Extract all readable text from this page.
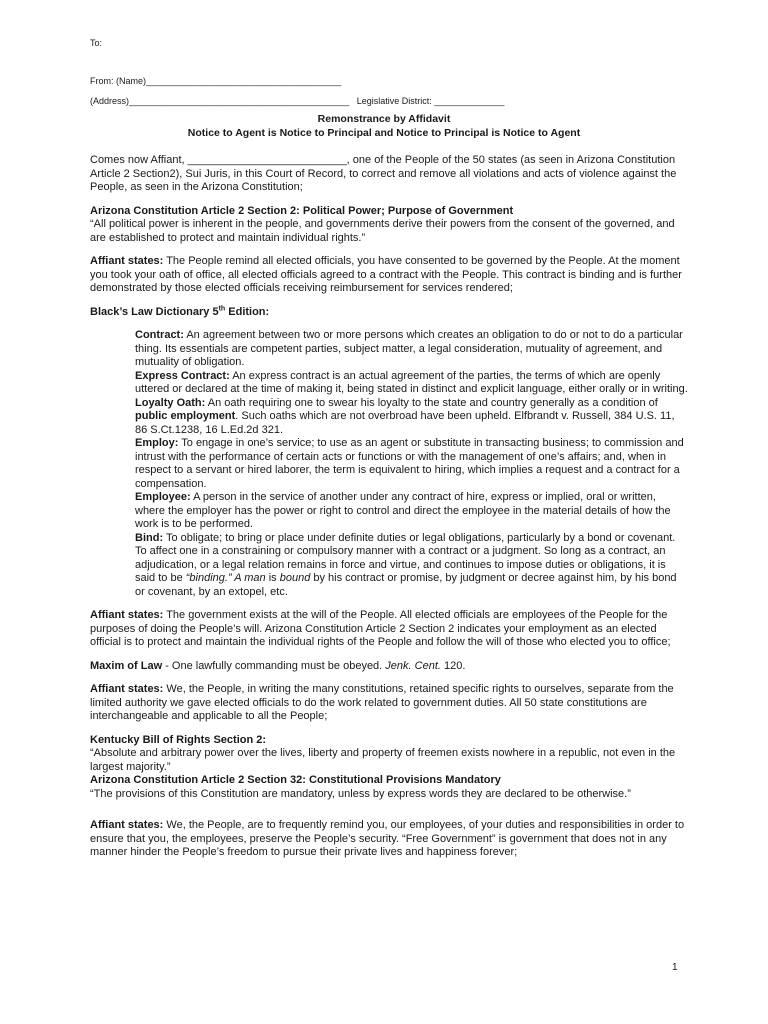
To:
From: (Name)_______________________________________
(Address)____________________________________________ Legislative District: ______________
Remonstrance by Affidavit
Notice to Agent is Notice to Principal and Notice to Principal is Notice to Agent

Comes now Affiant, __________________________, one of the People of the 50 states (as seen in Arizona Constitution Article 2 Section2), Sui Juris, in this Court of Record, to correct and remove all violations and acts of violence against the People, as seen in the Arizona Constitution;

Arizona Constitution Article 2 Section 2: Political Power; Purpose of Government
“All political power is inherent in the people, and governments derive their powers from the consent of the governed, and are established to protect and maintain individual rights.”

Affiant states: The People remind all elected officials, you have consented to be governed by the People. At the moment you took your oath of office, all elected officials agreed to a contract with the People. This contract is binding and is further demonstrated by those elected officials receiving reimbursement for services rendered;

Black’s Law Dictionary 5th Edition:

Contract: An agreement between two or more persons which creates an obligation to do or not to do a particular thing. Its essentials are competent parties, subject matter, a legal consideration, mutuality of agreement, and mutuality of obligation.
Express Contract: An express contract is an actual agreement of the parties, the terms of which are openly uttered or declared at the time of making it, being stated in distinct and explicit language, either orally or in writing.
Loyalty Oath: An oath requiring one to swear his loyalty to the state and country generally as a condition of public employment. Such oaths which are not overbroad have been upheld. Elfbrandt v. Russell, 384 U.S. 11, 86 S.Ct.1238, 16 L.Ed.2d 321.
Employ: To engage in one’s service; to use as an agent or substitute in transacting business; to commission and intrust with the performance of certain acts or functions or with the management of one’s affairs; and, when in respect to a servant or hired laborer, the term is equivalent to hiring, which implies a request and a contract for a compensation.
Employee: A person in the service of another under any contract of hire, express or implied, oral or written, where the employer has the power or right to control and direct the employee in the material details of how the work is to be performed.
Bind: To obligate; to bring or place under definite duties or legal obligations, particularly by a bond or covenant. To affect one in a constraining or compulsory manner with a contract or a judgment. So long as a contract, an adjudication, or a legal relation remains in force and virtue, and continues to impose duties or obligations, it is said to be “binding.” A man is bound by his contract or promise, by judgment or decree against him, by his bond or covenant, by an extopel, etc.

Affiant states: The government exists at the will of the People. All elected officials are employees of the People for the purposes of doing the People’s will. Arizona Constitution Article 2 Section 2 indicates your employment as an elected official is to protect and maintain the individual rights of the People and follow the will of those who elected you to office;

Maxim of Law - One lawfully commanding must be obeyed. Jenk. Cent. 120.

Affiant states: We, the People, in writing the many constitutions, retained specific rights to ourselves, separate from the limited authority we gave elected officials to do the work related to government duties. All 50 state constitutions are interchangeable and applicable to all the People;

Kentucky Bill of Rights Section 2:
“Absolute and arbitrary power over the lives, liberty and property of freemen exists nowhere in a republic, not even in the largest majority.”

Arizona Constitution Article 2 Section 32: Constitutional Provisions Mandatory
“The provisions of this Constitution are mandatory, unless by express words they are declared to be otherwise.”

Affiant states: We, the People, are to frequently remind you, our employees, of your duties and responsibilities in order to ensure that you, the employees, preserve the People’s security. “Free Government” is government that does not in any manner hinder the People’s freedom to pursue their private lives and happiness forever;

1
